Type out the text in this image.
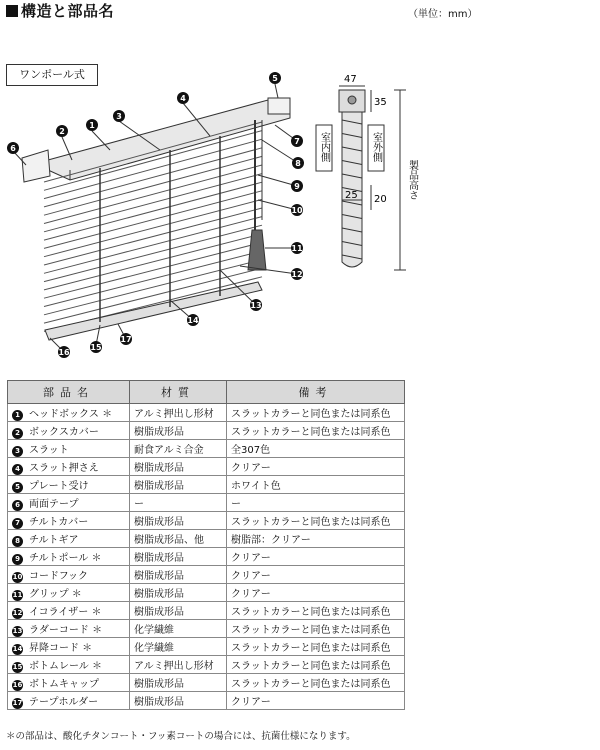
構造と部品名	（単位：mm）
ワンポール式
1
2
3
4
5
6
7
8
9
10
11
12
13
14
15
16
17
47
35
25 20
室内側	室外側
製品高さ
部品名	材質	備考
1 ヘッドボックス ＊	アルミ押出し形材	スラットカラーと同色または同系色
2 ボックスカバー	樹脂成形品	スラットカラーと同色または同系色
3 スラット	耐食アルミ合金	全307色
4 スラット押さえ	樹脂成形品	クリアー
5 プレート受け	樹脂成形品	ホワイト色
6 両面テープ	ー	ー
7 チルトカバー	樹脂成形品	スラットカラーと同色または同系色
8 チルトギア	樹脂成形品、他	樹脂部：クリアー
9 チルトポール ＊	樹脂成形品	クリアー
10 コードフック	樹脂成形品	クリアー
11 グリップ ＊	樹脂成形品	クリアー
12 イコライザー ＊	樹脂成形品	スラットカラーと同色または同系色
13 ラダーコード ＊	化学繊維	スラットカラーと同色または同系色
14 昇降コード ＊	化学繊維	スラットカラーと同色または同系色
15 ボトムレール ＊	アルミ押出し形材	スラットカラーと同色または同系色
16 ボトムキャップ	樹脂成形品	スラットカラーと同色または同系色
17 テープホルダー	樹脂成形品	クリアー
＊の部品は、酸化チタンコート・フッ素コートの場合には、抗菌仕様になります。
